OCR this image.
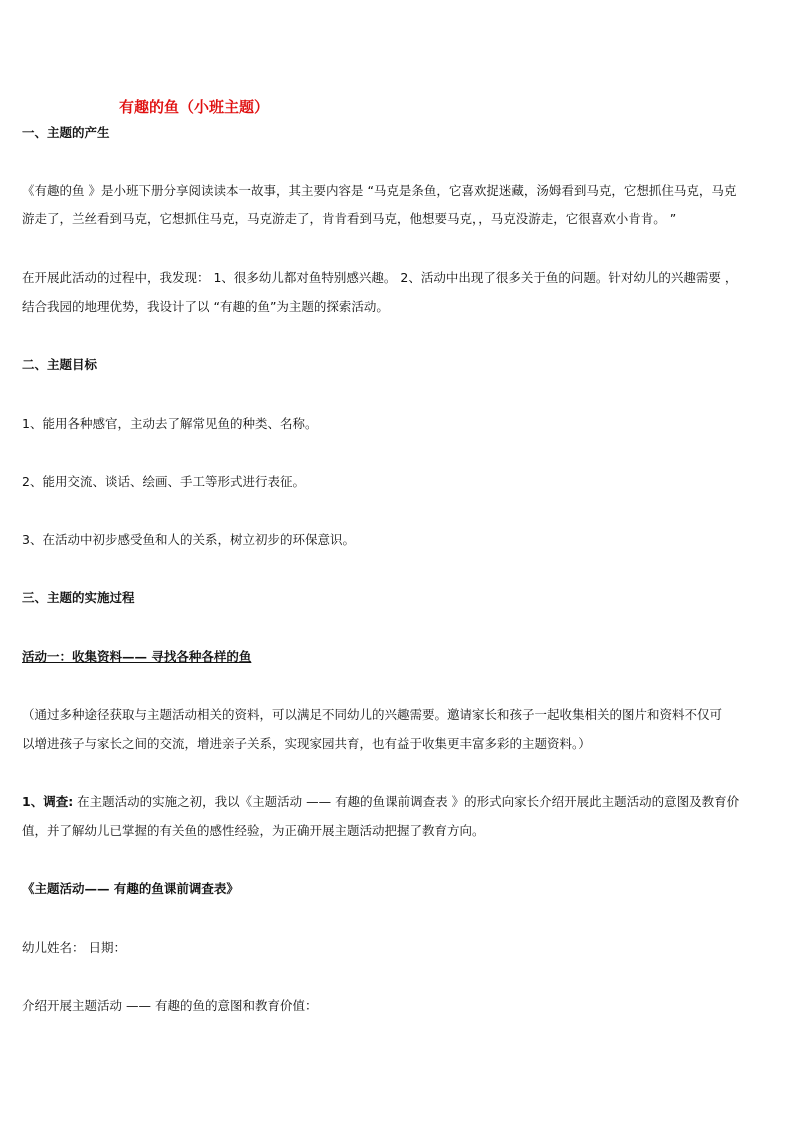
有趣的鱼（小班主题）
一、主题的产生
《有趣的鱼 》是小班下册分享阅读读本一故事，其主要内容是 “马克是条鱼，它喜欢捉迷藏，汤姆看到马克，它想抓住马克，马克
游走了，兰丝看到马克，它想抓住马克，马克游走了，肯肯看到马克，他想要马克，，马克没游走，它很喜欢小肯肯。 ”
在开展此活动的过程中，我发现： 1、很多幼儿都对鱼特别感兴趣。 2、活动中出现了很多关于鱼的问题。针对幼儿的兴趣需要 ，
结合我园的地理优势，我设计了以 “有趣的鱼”为主题的探索活动。
二、主题目标
1、能用各种感官，主动去了解常见鱼的种类、名称。
2、能用交流、谈话、绘画、手工等形式进行表征。
3、在活动中初步感受鱼和人的关系，树立初步的环保意识。
三、主题的实施过程
活动一：收集资料—— 寻找各种各样的鱼
（通过多种途径获取与主题活动相关的资料，可以满足不同幼儿的兴趣需要。邀请家长和孩子一起收集相关的图片和资料不仅可
以增进孩子与家长之间的交流，增进亲子关系，实现家园共育，也有益于收集更丰富多彩的主题资料。）
1、调查: 在主题活动的实施之初，我以《主题活动 —— 有趣的鱼课前调查表 》的形式向家长介绍开展此主题活动的意图及教育价
值，并了解幼儿已掌握的有关鱼的感性经验，为正确开展主题活动把握了教育方向。
《主题活动—— 有趣的鱼课前调查表》
幼儿姓名： 日期：
介绍开展主题活动 —— 有趣的鱼的意图和教育价值：
